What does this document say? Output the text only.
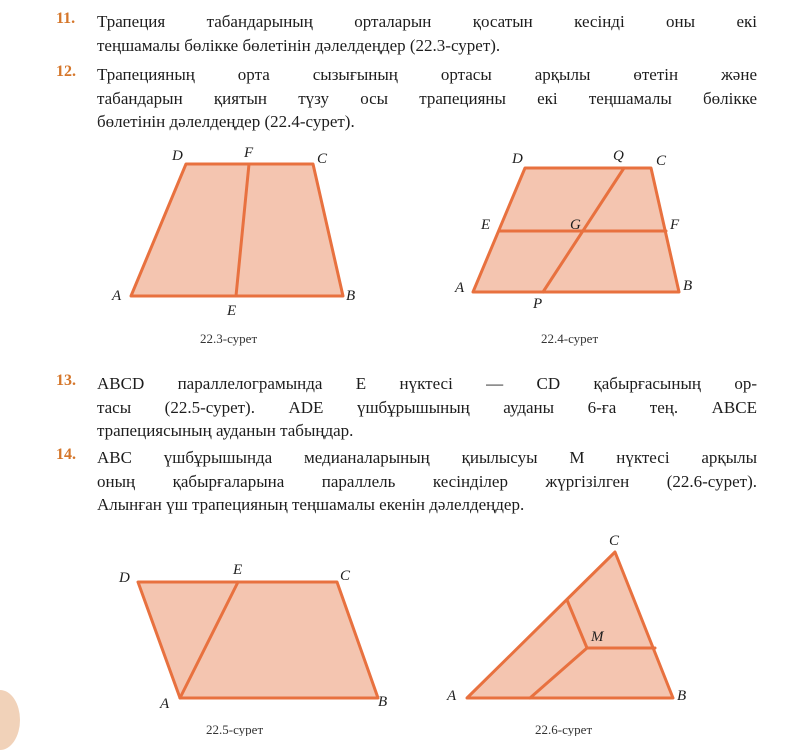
11. Трапеция табандарының орталарын қосатын кесінді оны екі
теңшамалы бөлікке бөлетінін дәлелдеңдер (22.3-сурет).
12. Трапецияның орта сызығының ортасы арқылы өтетін және
табандарын қиятын түзу осы трапецияны екі теңшамалы бөлікке
бөлетінін дәлелдеңдер (22.4-сурет).
D	F	C
A
E
B
22.3-сурет
D	Q C
E	G	F
A
P
B
22.4-сурет
D	E	C
A	B
22.5-сурет
C
M
A	B
22.6-сурет
13. ABCD параллелограмында E нүктесі — CD қабырғасының ор-
тасы (22.5-сурет). ADE үшбұрышының ауданы 6-ға тең. ABCE
трапециясының ауданын табыңдар.
14. ABC үшбұрышында медианаларының қиылысуы M нүктесі арқылы
оның қабырғаларына параллель кесінділер жүргізілген (22.6-сурет).
Алынған үш трапецияның теңшамалы екенін дәлелдеңдер.
